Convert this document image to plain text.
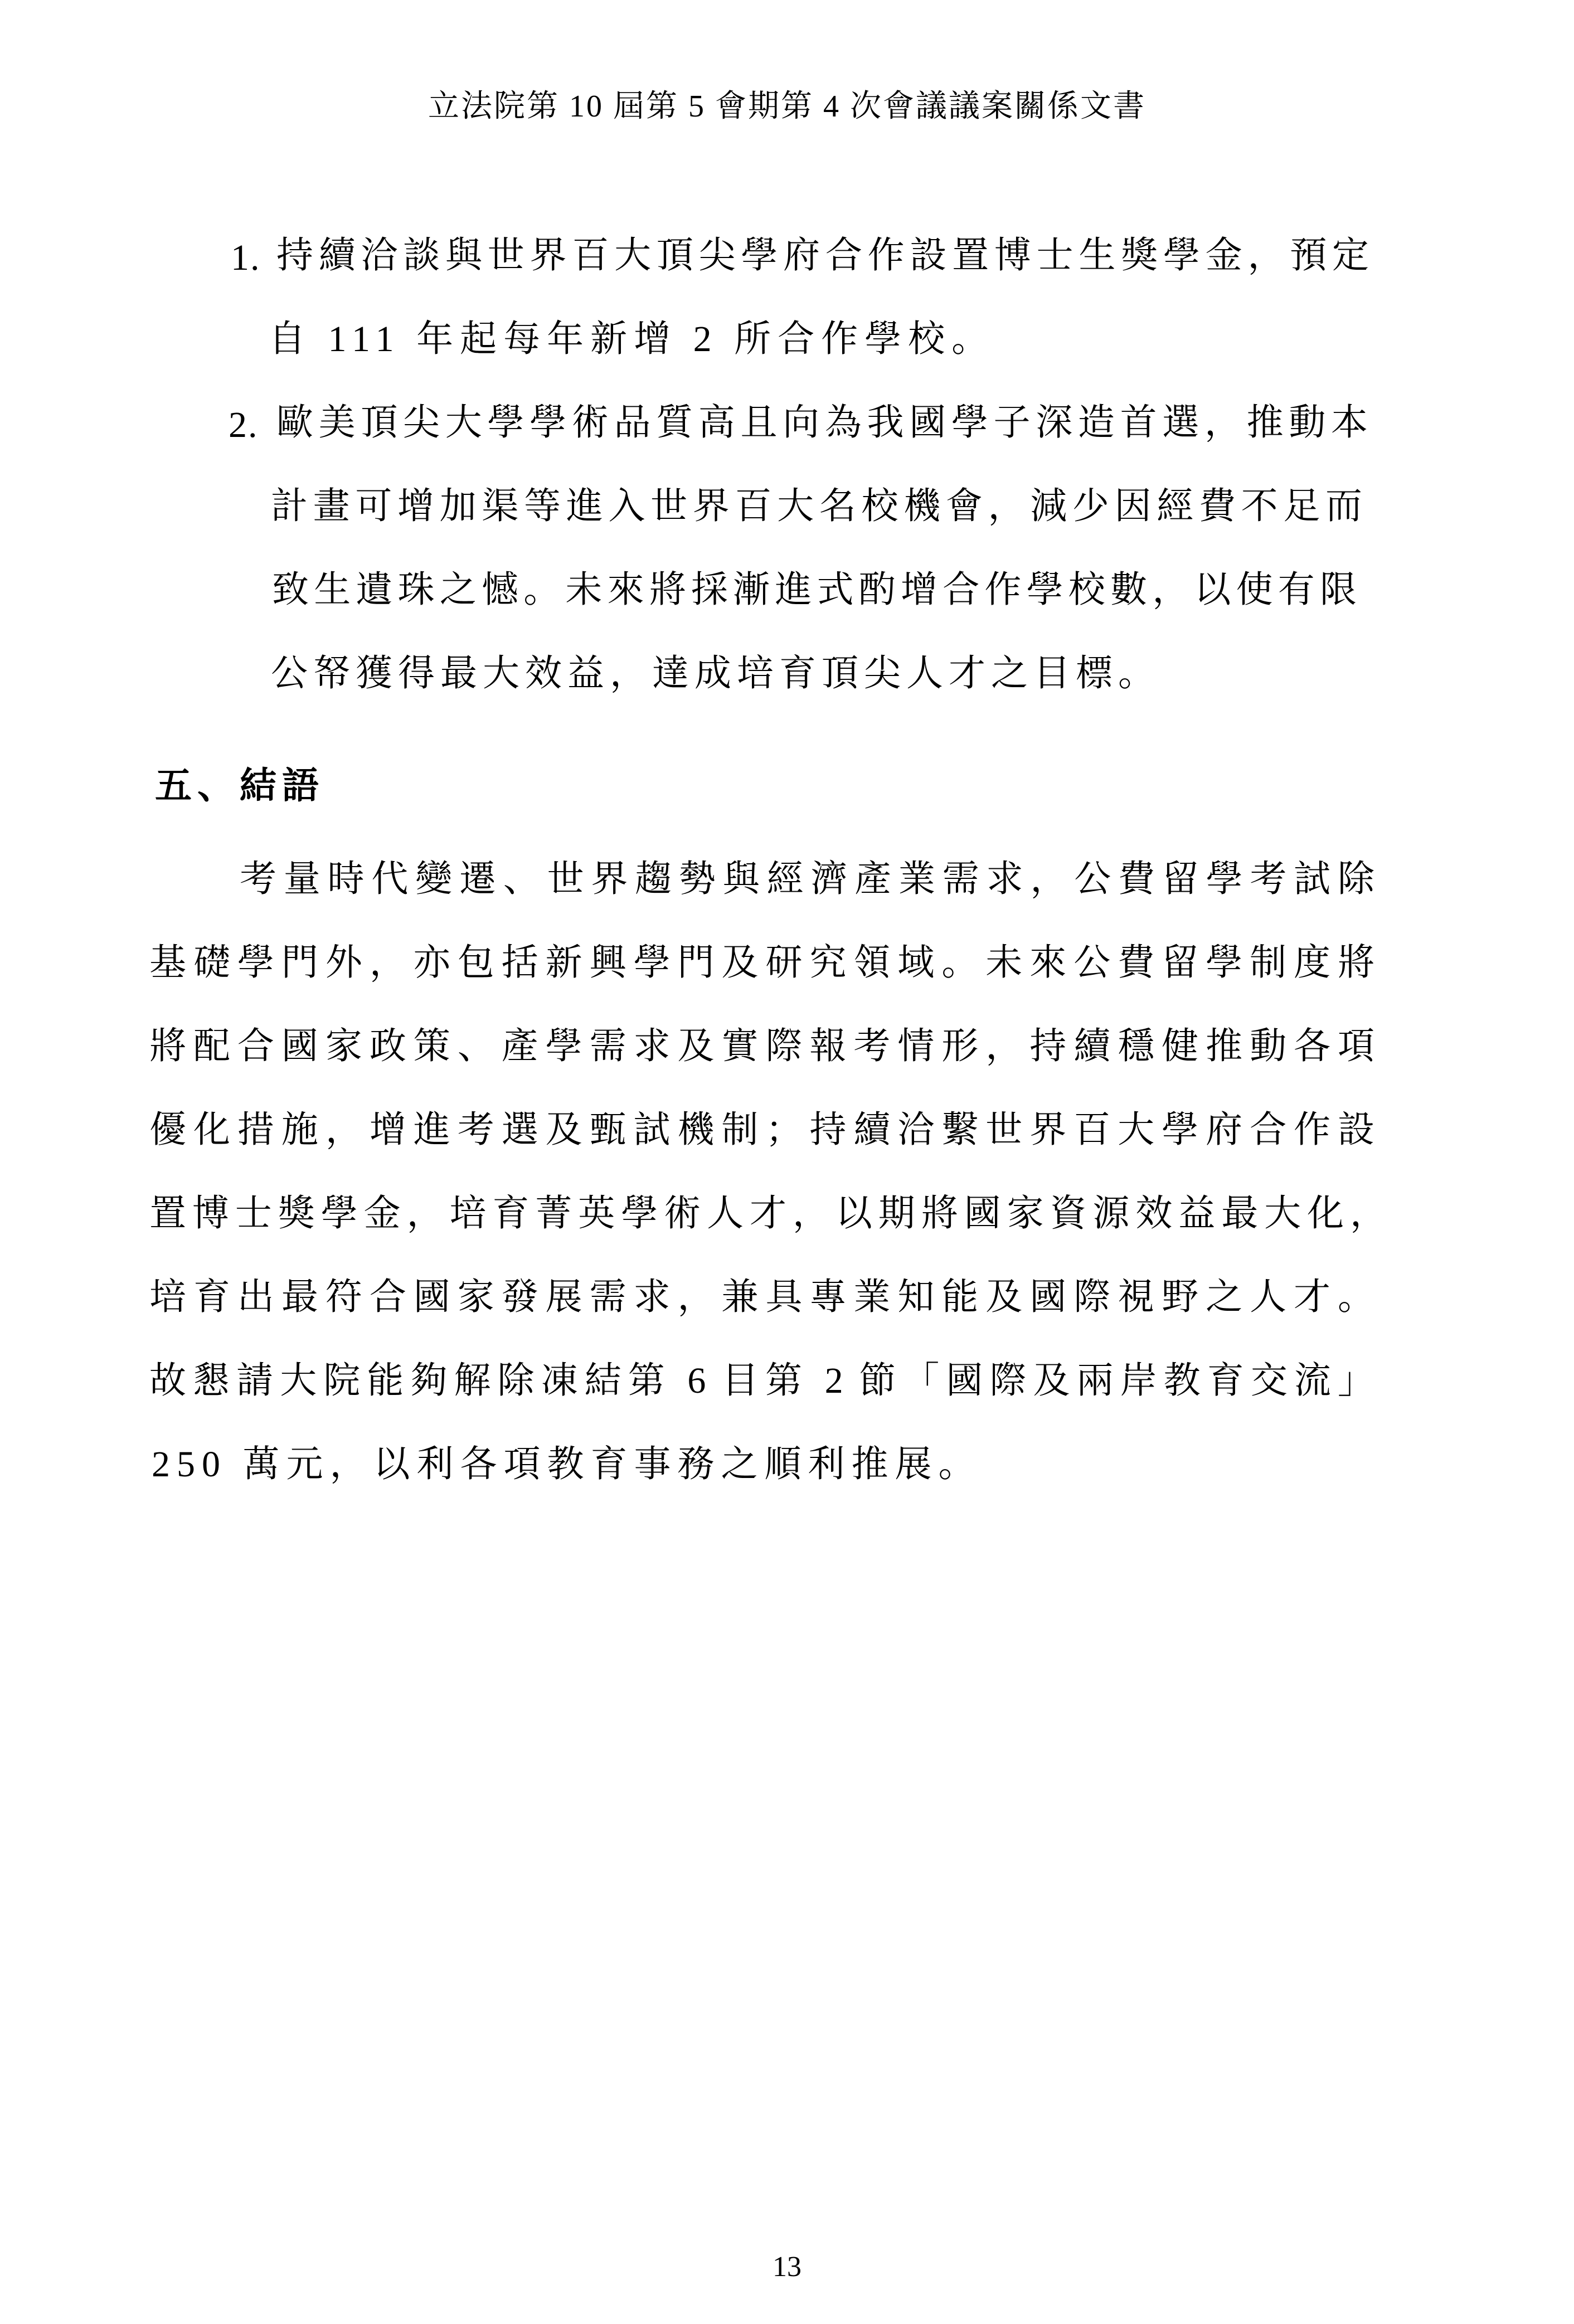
立法院第 10 屆第 5 會期第 4 次會議議案關係文書
1. 持續洽談與世界百大頂尖學府合作設置博士生獎學金，預定
自 111 年起每年新增 2 所合作學校。
2. 歐美頂尖大學學術品質高且向為我國學子深造首選，推動本
計畫可增加渠等進入世界百大名校機會，減少因經費不足而
致生遺珠之憾。未來將採漸進式酌增合作學校數，以使有限
公帑獲得最大效益，達成培育頂尖人才之目標。
五、結語
考量時代變遷、世界趨勢與經濟產業需求，公費留學考試除
基礎學門外，亦包括新興學門及研究領域。未來公費留學制度將
將配合國家政策、產學需求及實際報考情形，持續穩健推動各項
優化措施，增進考選及甄試機制；持續洽繫世界百大學府合作設
置博士獎學金，培育菁英學術人才，以期將國家資源效益最大化，
培育出最符合國家發展需求，兼具專業知能及國際視野之人才。
故懇請大院能夠解除凍結第 6 目第 2 節「國際及兩岸教育交流」
250 萬元，以利各項教育事務之順利推展。
13
